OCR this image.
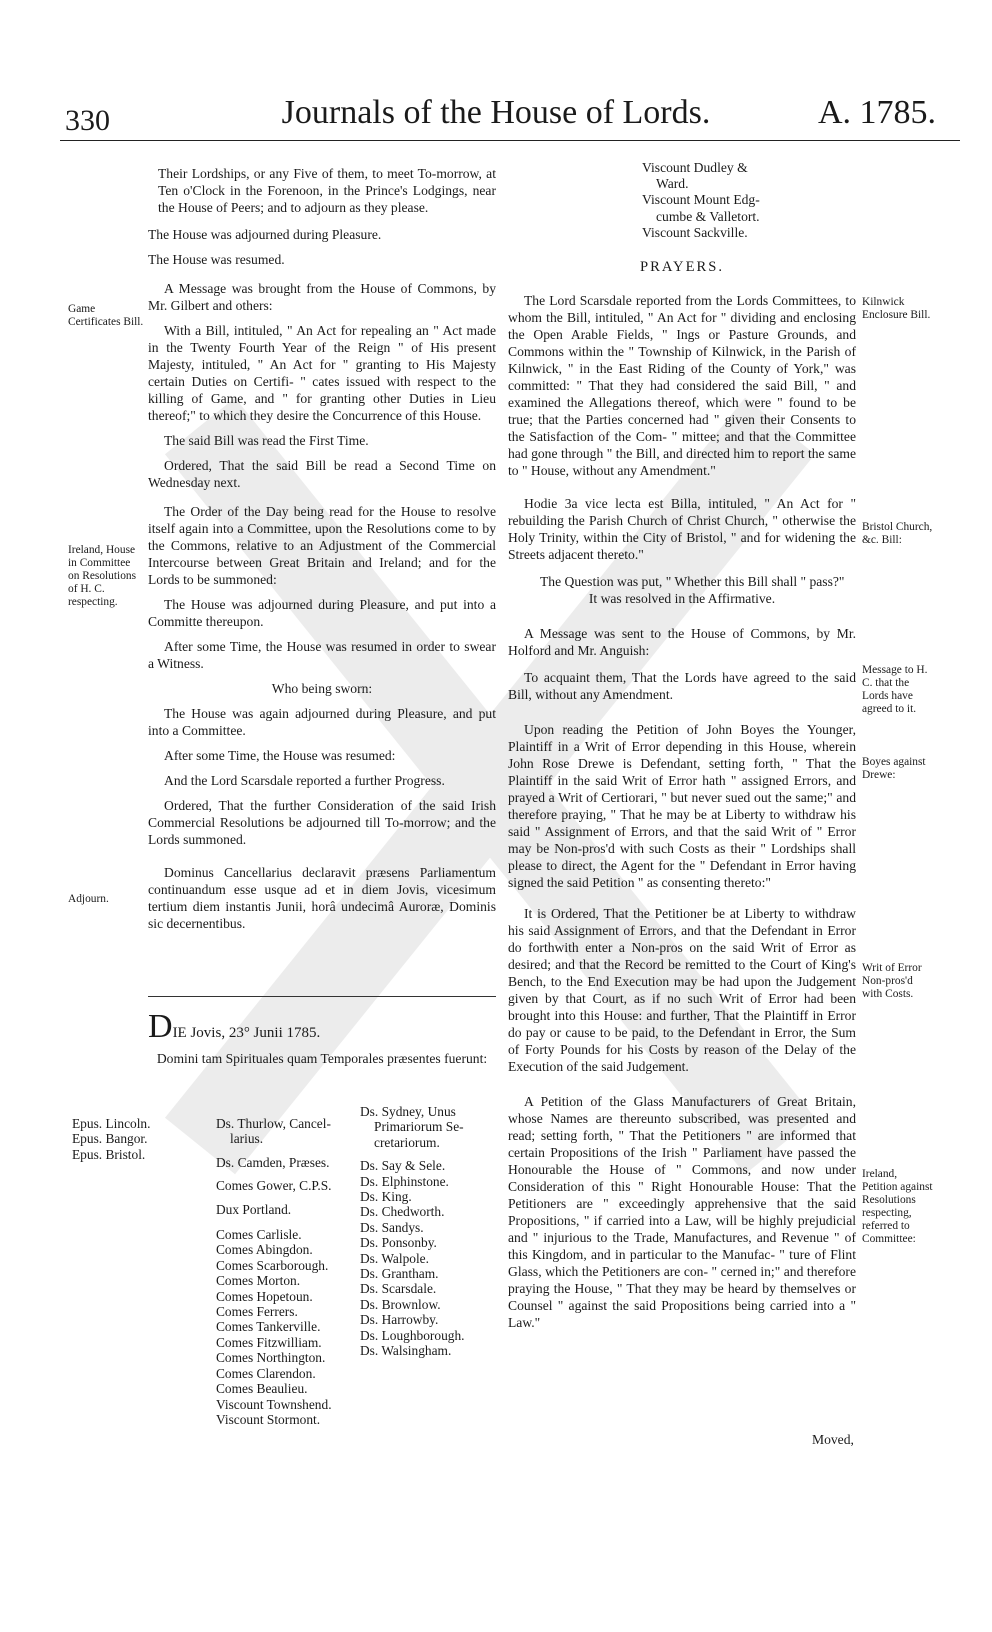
330	Journals of the House of Lords.	A. 1785.

Their Lordships, or any Five of them, to meet To-morrow, at Ten o'Clock in the Forenoon, in the Prince's Lodgings, near the House of Peers; and to adjourn as they please.

The House was adjourned during Pleasure.

The House was resumed.

A Message was brought from the House of Commons, by Mr. Gilbert and others:

With a Bill, intituled, " An Act for repealing an " Act made in the Twenty Fourth Year of the Reign " of His present Majesty, intituled, " An Act for " granting to His Majesty certain Duties on Certifi- " cates issued with respect to the killing of Game, and " for granting other Duties in Lieu thereof;" to which they desire the Concurrence of this House.

The said Bill was read the First Time.

Ordered, That the said Bill be read a Second Time on Wednesday next.

The Order of the Day being read for the House to resolve itself again into a Committee, upon the Resolutions come to by the Commons, relative to an Adjustment of the Commercial Intercourse between Great Britain and Ireland; and for the Lords to be summoned:

The House was adjourned during Pleasure, and put into a Committe thereupon.

After some Time, the House was resumed in order to swear a Witness.

Who being sworn:

The House was again adjourned during Pleasure, and put into a Committee.

After some Time, the House was resumed:

And the Lord Scarsdale reported a further Progress.

Ordered, That the further Consideration of the said Irish Commercial Resolutions be adjourned till To-morrow; and the Lords summoned.

Dominus Cancellarius declaravit præsens Parliamentum continuandum esse usque ad et in diem Jovis, vicesimum tertium diem instantis Junii, horâ undecimâ Auroræ, Dominis sic decernentibus.

Game Certificates Bill.
Ireland, House in Committee on Resolutions of H. C. respecting.
Adjourn.
DIE Jovis, 23° Junii 1785.
Domini tam Spirituales quam Temporales præsentes fuerunt:
Epus. Lincoln.
Epus. Bangor.
Epus. Bristol.
Ds. Thurlow, Cancel-
larius.
Ds. Camden, Præses.
Comes Gower, C.P.S.
Dux Portland.
Comes Carlisle.
Comes Abingdon.
Comes Scarborough.
Comes Morton.
Comes Hopetoun.
Comes Ferrers.
Comes Tankerville.
Comes Fitzwilliam.
Comes Northington.
Comes Clarendon.
Comes Beaulieu.
Viscount Townshend.
Viscount Stormont.
Ds. Sydney, Unus
Primariorum Se-
cretariorum.
Ds. Say & Sele.
Ds. Elphinstone.
Ds. King.
Ds. Chedworth.
Ds. Sandys.
Ds. Ponsonby.
Ds. Walpole.
Ds. Grantham.
Ds. Scarsdale.
Ds. Brownlow.
Ds. Harrowby.
Ds. Loughborough.
Ds. Walsingham.
Viscount Dudley &
Ward.
Viscount Mount Edg-
cumbe & Valletort.
Viscount Sackville.
PRAYERS.

The Lord Scarsdale reported from the Lords Committees, to whom the Bill, intituled, " An Act for " dividing and enclosing the Open Arable Fields, " Ings or Pasture Grounds, and Commons within the " Township of Kilnwick, in the Parish of Kilnwick, " in the East Riding of the County of York," was committed: " That they had considered the said Bill, " and examined the Allegations thereof, which were " found to be true; that the Parties concerned had " given their Consents to the Satisfaction of the Com- " mittee; and that the Committee had gone through " the Bill, and directed him to report the same to " House, without any Amendment."

Hodie 3a vice lecta est Billa, intituled, " An Act for " rebuilding the Parish Church of Christ Church, " otherwise the Holy Trinity, within the City of Bristol, " and for widening the Streets adjacent thereto."

The Question was put, " Whether this Bill shall " pass?"

It was resolved in the Affirmative.

A Message was sent to the House of Commons, by Mr. Holford and Mr. Anguish:

To acquaint them, That the Lords have agreed to the said Bill, without any Amendment.

Upon reading the Petition of John Boyes the Younger, Plaintiff in a Writ of Error depending in this House, wherein John Rose Drewe is Defendant, setting forth, " That the Plaintiff in the said Writ of Error hath " assigned Errors, and prayed a Writ of Certiorari, " but never sued out the same;" and therefore praying, " That he may be at Liberty to withdraw his said " Assignment of Errors, and that the said Writ of " Error may be Non-pros'd with such Costs as their " Lordships shall please to direct, the Agent for the " Defendant in Error having signed the said Petition " as consenting thereto:"

It is Ordered, That the Petitioner be at Liberty to withdraw his said Assignment of Errors, and that the Defendant in Error do forthwith enter a Non-pros on the said Writ of Error as desired; and that the Record be remitted to the Court of King's Bench, to the End Execution may be had upon the Judgement given by that Court, as if no such Writ of Error had been brought into this House: and further, That the Plaintiff in Error do pay or cause to be paid, to the Defendant in Error, the Sum of Forty Pounds for his Costs by reason of the Delay of the Execution of the said Judgement.

A Petition of the Glass Manufacturers of Great Britain, whose Names are thereunto subscribed, was presented and read; setting forth, " That the Petitioners " are informed that certain Propositions of the Irish " Parliament have passed the Honourable the House of " Commons, and now under Consideration of this " Right Honourable House: That the Petitioners are " exceedingly apprehensive that the said Propositions, " if carried into a Law, will be highly prejudicial and " injurious to the Trade, Manufactures, and Revenue " of this Kingdom, and in particular to the Manufac- " ture of Flint Glass, which the Petitioners are con- " cerned in;" and therefore praying the House, " That they may be heard by themselves or Counsel " against the said Propositions being carried into a " Law."

Moved,
Kilnwick Enclosure Bill.
Bristol Church, &c. Bill:
Message to H. C. that the Lords have agreed to it.
Boyes against Drewe:
Writ of Error Non-pros'd with Costs.
Ireland, Petition against Resolutions respecting, referred to Committee:
